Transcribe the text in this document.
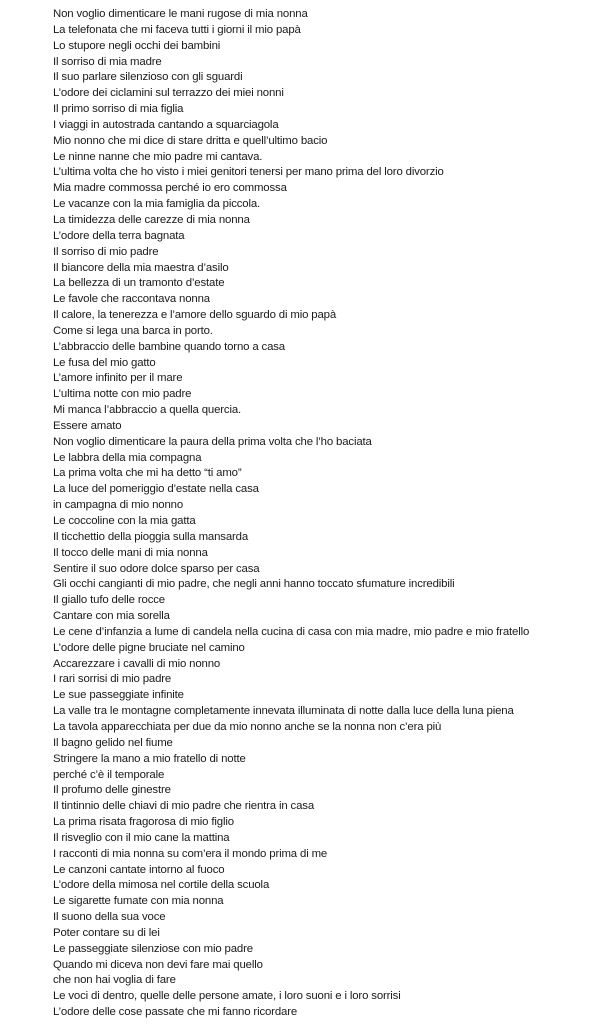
Non voglio dimenticare le mani rugose di mia nonna
La telefonata che mi faceva tutti i giorni il mio papà
Lo stupore negli occhi dei bambini
Il sorriso di mia madre
Il suo parlare silenzioso con gli sguardi
L’odore dei ciclamini sul terrazzo dei miei nonni
Il primo sorriso di mia figlia
I viaggi in autostrada cantando a squarciagola
Mio nonno che mi dice di stare dritta e quell’ultimo bacio
Le ninne nanne che mio padre mi cantava.
L’ultima volta che ho visto i miei genitori tenersi per mano prima del loro divorzio
Mia madre commossa perché io ero commossa
Le vacanze con la mia famiglia da piccola.
La timidezza delle carezze di mia nonna
L’odore della terra bagnata
Il sorriso di mio padre
Il biancore della mia maestra d’asilo
La bellezza di un tramonto d’estate
Le favole che raccontava nonna
Il calore, la tenerezza e l’amore dello sguardo di mio papà
Come si lega una barca in porto.
L’abbraccio delle bambine quando torno a casa
Le fusa del mio gatto
L’amore infinito per il mare
L’ultima notte con mio padre
Mi manca l’abbraccio a quella quercia.
Essere amato
Non voglio dimenticare la paura della prima volta che l’ho baciata
Le labbra della mia compagna
La prima volta che mi ha detto “ti amo”
La luce del pomeriggio d’estate nella casa
in campagna di mio nonno
Le coccoline con la mia gatta
Il ticchettio della pioggia sulla mansarda
Il tocco delle mani di mia nonna
Sentire il suo odore dolce sparso per casa
Gli occhi cangianti di mio padre, che negli anni hanno toccato sfumature incredibili
Il giallo tufo delle rocce
Cantare con mia sorella
Le cene d’infanzia a lume di candela nella cucina di casa con mia madre, mio padre e mio fratello
L’odore delle pigne bruciate nel camino
Accarezzare i cavalli di mio nonno
I rari sorrisi di mio padre
Le sue passeggiate infinite
La valle tra le montagne completamente innevata illuminata di notte dalla luce della luna piena
La tavola apparecchiata per due da mio nonno anche se la nonna non c’era più
Il bagno gelido nel fiume
Stringere la mano a mio fratello di notte
perché c’è il temporale
Il profumo delle ginestre
Il tintinnio delle chiavi di mio padre che rientra in casa
La prima risata fragorosa di mio figlio
Il risveglio con il mio cane la mattina
I racconti di mia nonna su com’era il mondo prima di me
Le canzoni cantate intorno al fuoco
L’odore della mimosa nel cortile della scuola
Le sigarette fumate con mia nonna
Il suono della sua voce
Poter contare su di lei
Le passeggiate silenziose con mio padre
Quando mi diceva non devi fare mai quello
che non hai voglia di fare
Le voci di dentro, quelle delle persone amate, i loro suoni e i loro sorrisi
L’odore delle cose passate che mi fanno ricordare
